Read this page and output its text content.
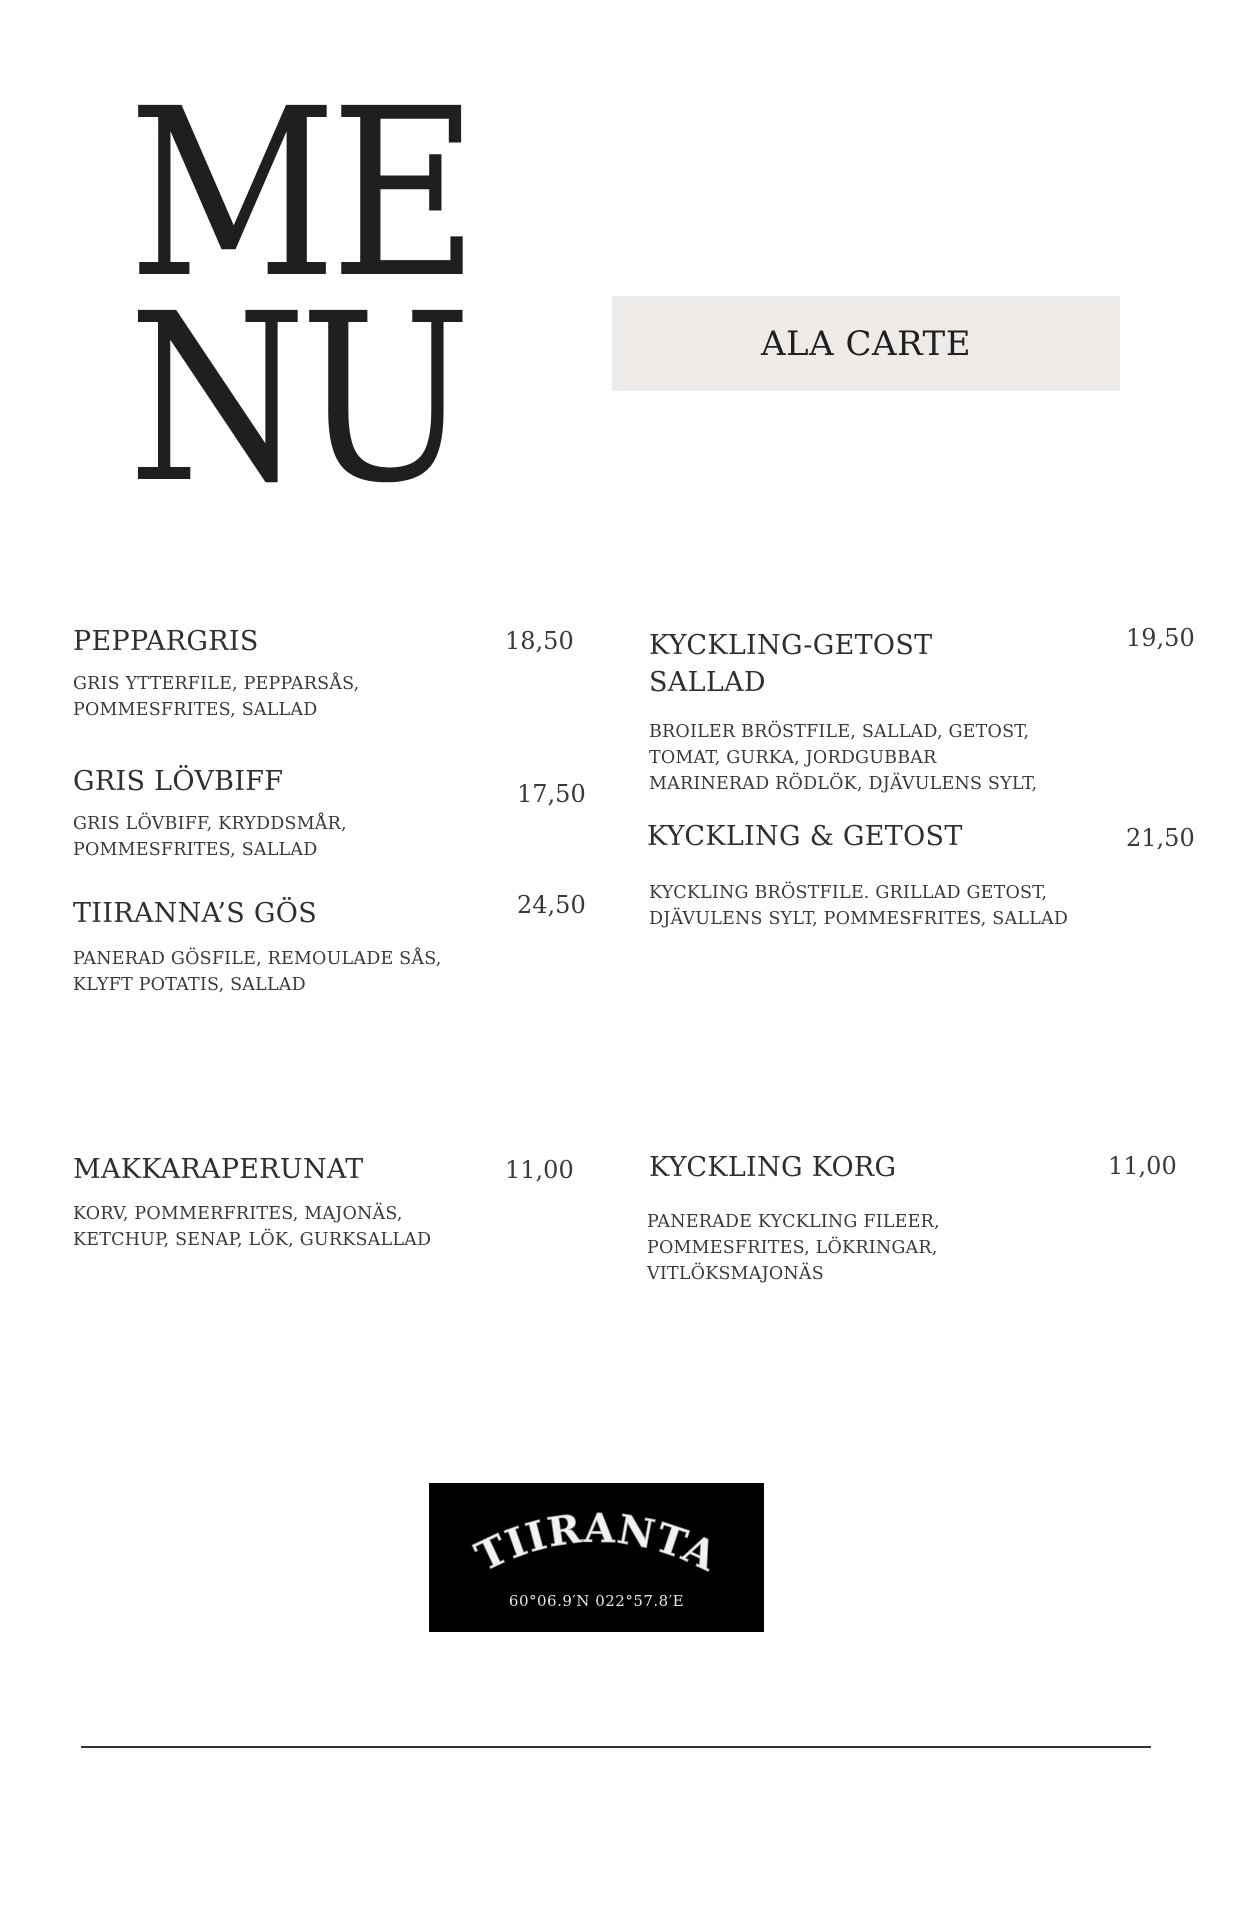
ME
NU	ALA CARTE
PEPPARGRIS	18,50
GRIS YTTERFILE, PEPPARSÅS,
POMMESFRITES, SALLAD
GRIS LÖVBIFF	17,50
GRIS LÖVBIFF, KRYDDSMÅR,
POMMESFRITES, SALLAD
TIIRANNA’S GÖS	24,50
PANERAD GÖSFILE, REMOULADE SÅS,
KLYFT POTATIS, SALLAD
KYCKLING-GETOST
SALLAD
19,50
BROILER BRÖSTFILE, SALLAD, GETOST,
TOMAT, GURKA, JORDGUBBAR
MARINERAD RÖDLÖK, DJÄVULENS SYLT,
KYCKLING & GETOST	21,50
KYCKLING BRÖSTFILE. GRILLAD GETOST,
DJÄVULENS SYLT, POMMESFRITES, SALLAD
MAKKARAPERUNAT	11,00
KORV, POMMERFRITES, MAJONÄS,
KETCHUP, SENAP, LÖK, GURKSALLAD
KYCKLING KORG	11,00
PANERADE KYCKLING FILEER,
POMMESFRITES, LÖKRINGAR,
VITLÖKSMAJONÄS
TIIRANTA
60°06.9′N 022°57.8′E
